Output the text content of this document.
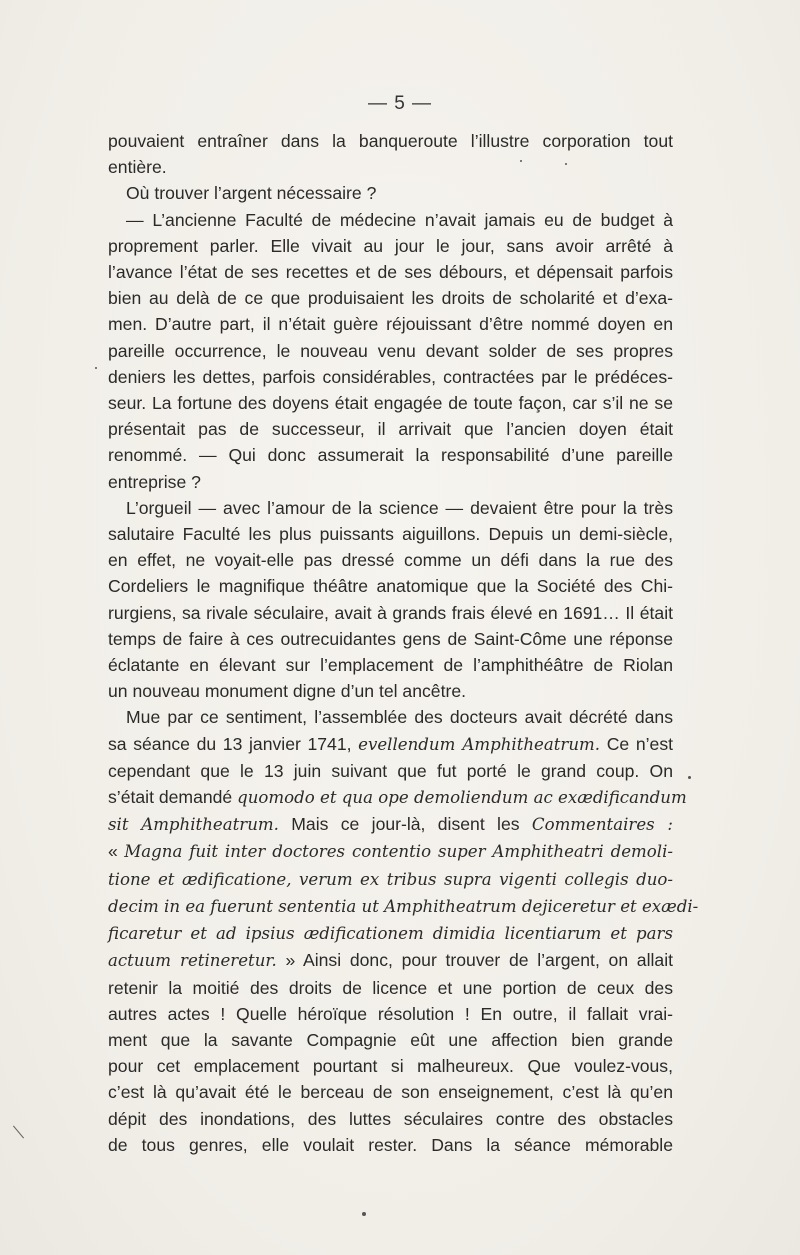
— 5 —
pouvaient entraîner dans la banqueroute l’illustre corporation tout
entière.
Où trouver l’argent nécessaire ?
— L’ancienne Faculté de médecine n’avait jamais eu de budget à
proprement parler. Elle vivait au jour le jour, sans avoir arrêté à
l’avance l’état de ses recettes et de ses débours, et dépensait parfois
bien au delà de ce que produisaient les droits de scholarité et d’exa-
men. D’autre part, il n’était guère réjouissant d’être nommé doyen en
pareille occurrence, le nouveau venu devant solder de ses propres
deniers les dettes, parfois considérables, contractées par le prédéces-
seur. La fortune des doyens était engagée de toute façon, car s’il ne se
présentait pas de successeur, il arrivait que l’ancien doyen était
renommé. — Qui donc assumerait la responsabilité d’une pareille
entreprise ?
L’orgueil — avec l’amour de la science — devaient être pour la très
salutaire Faculté les plus puissants aiguillons. Depuis un demi-siècle,
en effet, ne voyait-elle pas dressé comme un défi dans la rue des
Cordeliers le magnifique théâtre anatomique que la Société des Chi-
rurgiens, sa rivale séculaire, avait à grands frais élevé en 1691… Il était
temps de faire à ces outrecuidantes gens de Saint-Côme une réponse
éclatante en élevant sur l’emplacement de l’amphithéâtre de Riolan
un nouveau monument digne d’un tel ancêtre.
Mue par ce sentiment, l’assemblée des docteurs avait décrété dans
sa séance du 13 janvier 1741, evellendum Amphitheatrum. Ce n’est
cependant que le 13 juin suivant que fut porté le grand coup. On
s’était demandé quomodo et qua ope demoliendum ac exædificandum
sit Amphitheatrum. Mais ce jour-là, disent les Commentaires :
« Magna fuit inter doctores contentio super Amphitheatri demoli-
tione et ædificatione, verum ex tribus supra vigenti collegis duo-
decim in ea fuerunt sententia ut Amphitheatrum dejiceretur et exædi-
ficaretur et ad ipsius ædificationem dimidia licentiarum et pars
actuum retineretur. » Ainsi donc, pour trouver de l’argent, on allait
retenir la moitié des droits de licence et une portion de ceux des
autres actes ! Quelle héroïque résolution ! En outre, il fallait vrai-
ment que la savante Compagnie eût une affection bien grande
pour cet emplacement pourtant si malheureux. Que voulez-vous,
c’est là qu’avait été le berceau de son enseignement, c’est là qu’en
dépit des inondations, des luttes séculaires contre des obstacles
de tous genres, elle voulait rester. Dans la séance mémorable
